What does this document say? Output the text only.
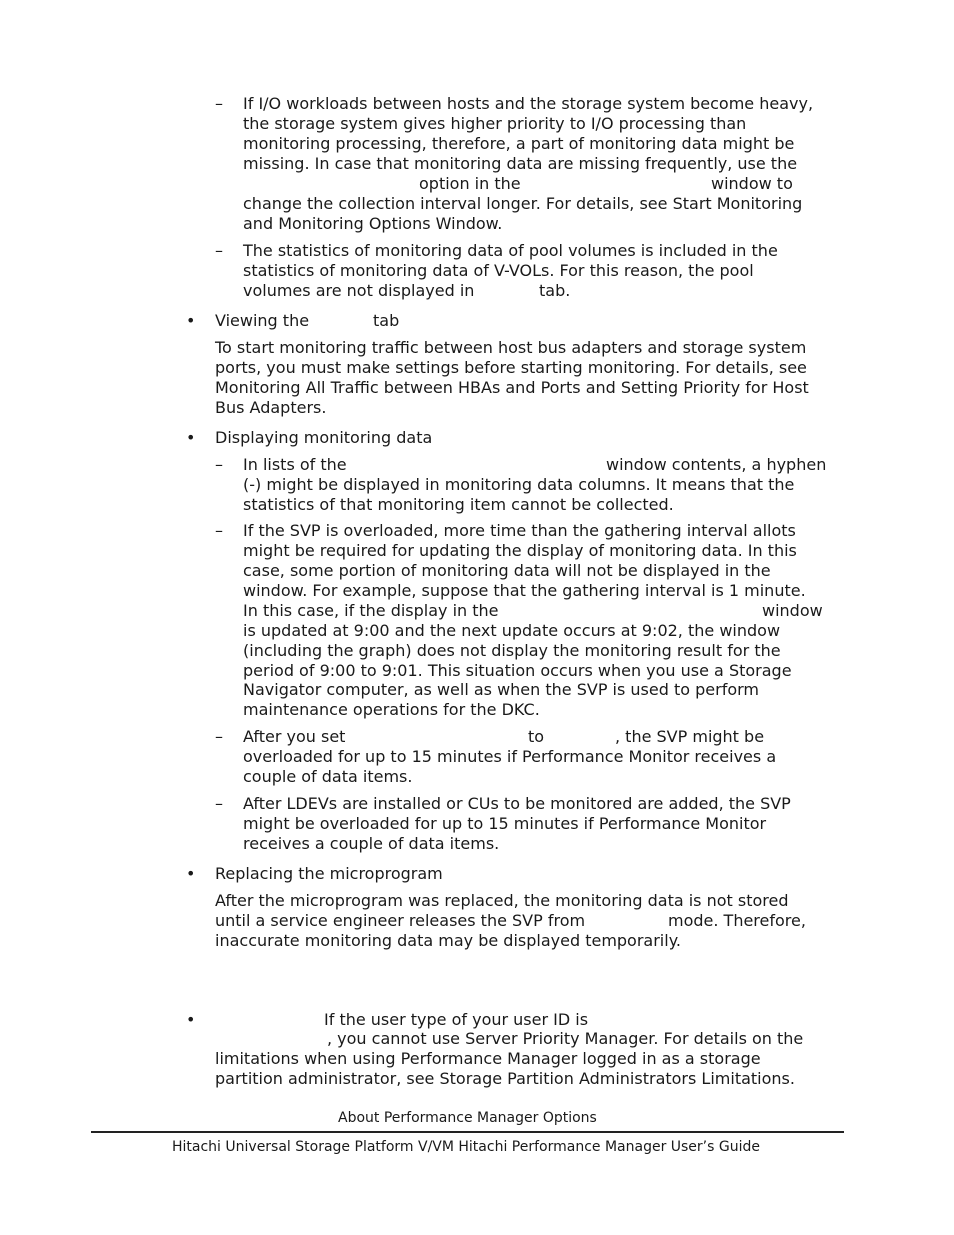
– If I/O workloads between hosts and the storage system become heavy,
the storage system gives higher priority to I/O processing than
monitoring processing, therefore, a part of monitoring data might be
missing. In case that monitoring data are missing frequently, use the
option in the	window to
change the collection interval longer. For details, see Start Monitoring
and Monitoring Options Window.
– The statistics of monitoring data of pool volumes is included in the
statistics of monitoring data of V-VOLs. For this reason, the pool
volumes are not displayed in	tab.
• Viewing the	tab
To start monitoring traffic between host bus adapters and storage system
ports, you must make settings before starting monitoring. For details, see
Monitoring All Traffic between HBAs and Ports and Setting Priority for Host
Bus Adapters.
• Displaying monitoring data
– In lists of the	window contents, a hyphen
(-) might be displayed in monitoring data columns. It means that the
statistics of that monitoring item cannot be collected.
– If the SVP is overloaded, more time than the gathering interval allots
might be required for updating the display of monitoring data. In this
case, some portion of monitoring data will not be displayed in the
window. For example, suppose that the gathering interval is 1 minute.
In this case, if the display in the	window
is updated at 9:00 and the next update occurs at 9:02, the window
(including the graph) does not display the monitoring result for the
period of 9:00 to 9:01. This situation occurs when you use a Storage
Navigator computer, as well as when the SVP is used to perform
maintenance operations for the DKC.
– After you set	to	, the SVP might be
overloaded for up to 15 minutes if Performance Monitor receives a
couple of data items.
– After LDEVs are installed or CUs to be monitored are added, the SVP
might be overloaded for up to 15 minutes if Performance Monitor
receives a couple of data items.
• Replacing the microprogram
After the microprogram was replaced, the monitoring data is not stored
until a service engineer releases the SVP from	mode. Therefore,
inaccurate monitoring data may be displayed temporarily.
•	If the user type of your user ID is
, you cannot use Server Priority Manager. For details on the
limitations when using Performance Manager logged in as a storage
partition administrator, see Storage Partition Administrators Limitations.
About Performance Manager Options
Hitachi Universal Storage Platform V/VM Hitachi Performance Manager User’s Guide
